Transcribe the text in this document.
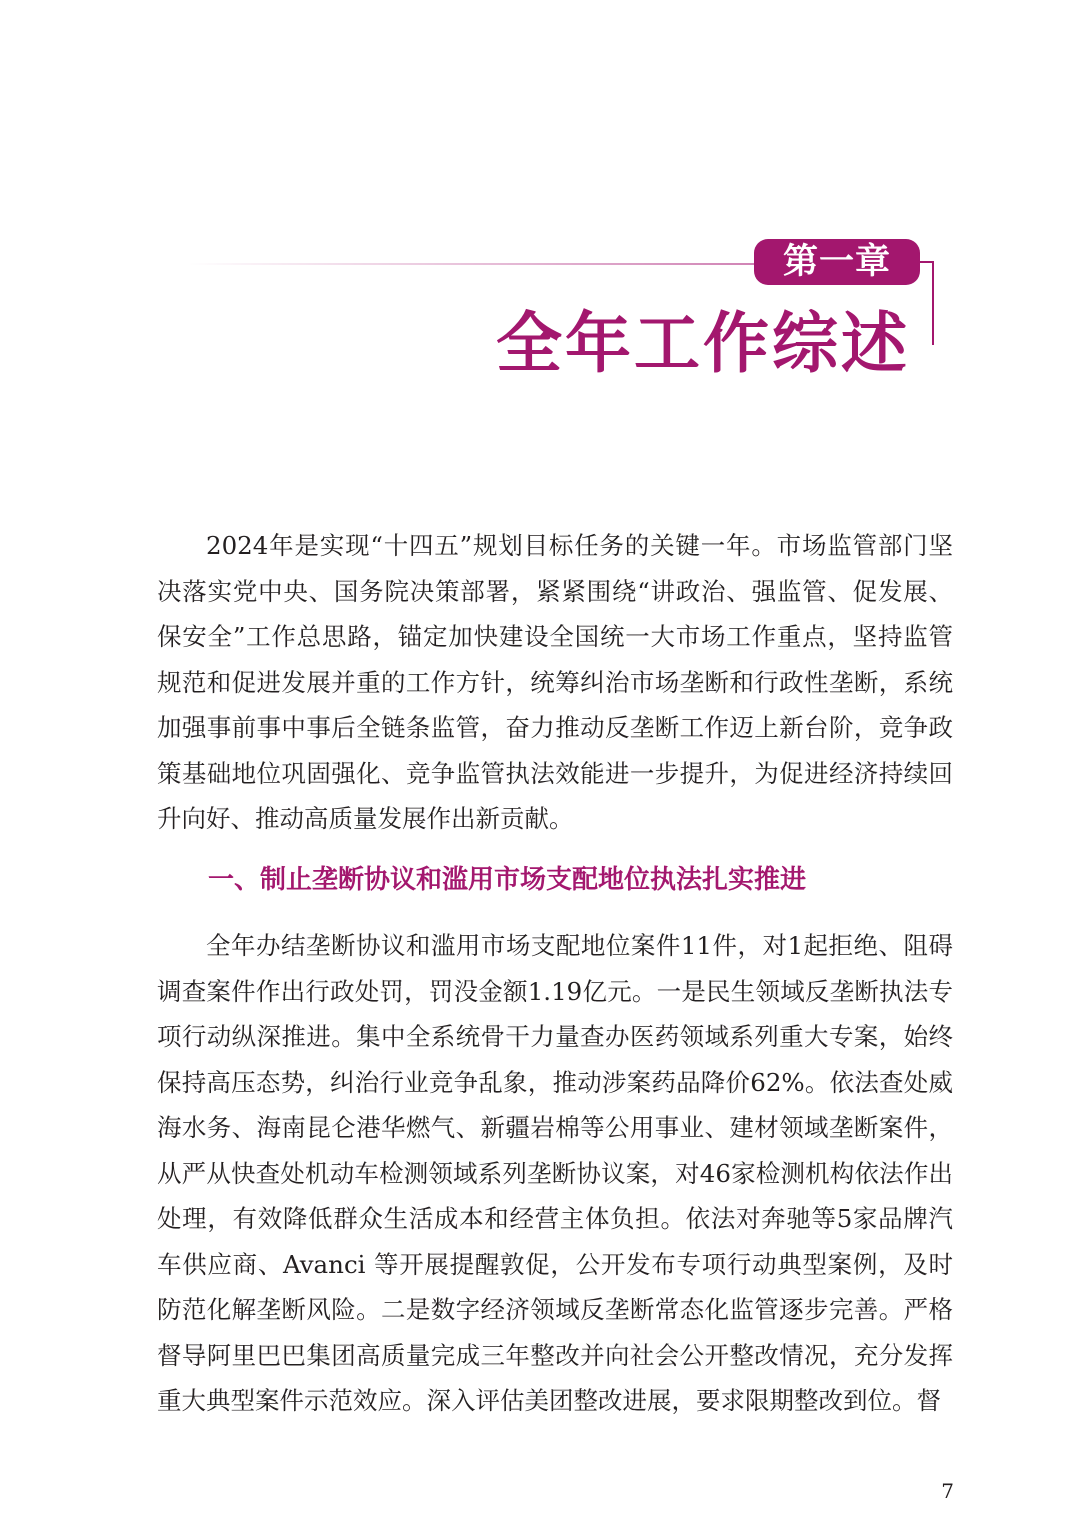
第一章
全年工作综述

2024年是实现“十四五”规划目标任务的关键一年。市场监管部门坚决落实党中央、国务院决策部署，紧紧围绕“讲政治、强监管、促发展、保安全”工作总思路，锚定加快建设全国统一大市场工作重点，坚持监管规范和促进发展并重的工作方针，统筹纠治市场垄断和行政性垄断，系统加强事前事中事后全链条监管，奋力推动反垄断工作迈上新台阶，竞争政策基础地位巩固强化、竞争监管执法效能进一步提升，为促进经济持续回升向好、推动高质量发展作出新贡献。

一、制止垄断协议和滥用市场支配地位执法扎实推进

全年办结垄断协议和滥用市场支配地位案件11件，对1起拒绝、阻碍调查案件作出行政处罚，罚没金额1.19亿元。一是民生领域反垄断执法专项行动纵深推进。集中全系统骨干力量查办医药领域系列重大专案，始终保持高压态势，纠治行业竞争乱象，推动涉案药品降价62%。依法查处威海水务、海南昆仑港华燃气、新疆岩棉等公用事业、建材领域垄断案件，从严从快查处机动车检测领域系列垄断协议案，对46家检测机构依法作出处理，有效降低群众生活成本和经营主体负担。依法对奔驰等5家品牌汽车供应商、Avanci 等开展提醒敦促，公开发布专项行动典型案例，及时防范化解垄断风险。二是数字经济领域反垄断常态化监管逐步完善。严格督导阿里巴巴集团高质量完成三年整改并向社会公开整改情况，充分发挥重大典型案件示范效应。深入评估美团整改进展，要求限期整改到位。督

7
